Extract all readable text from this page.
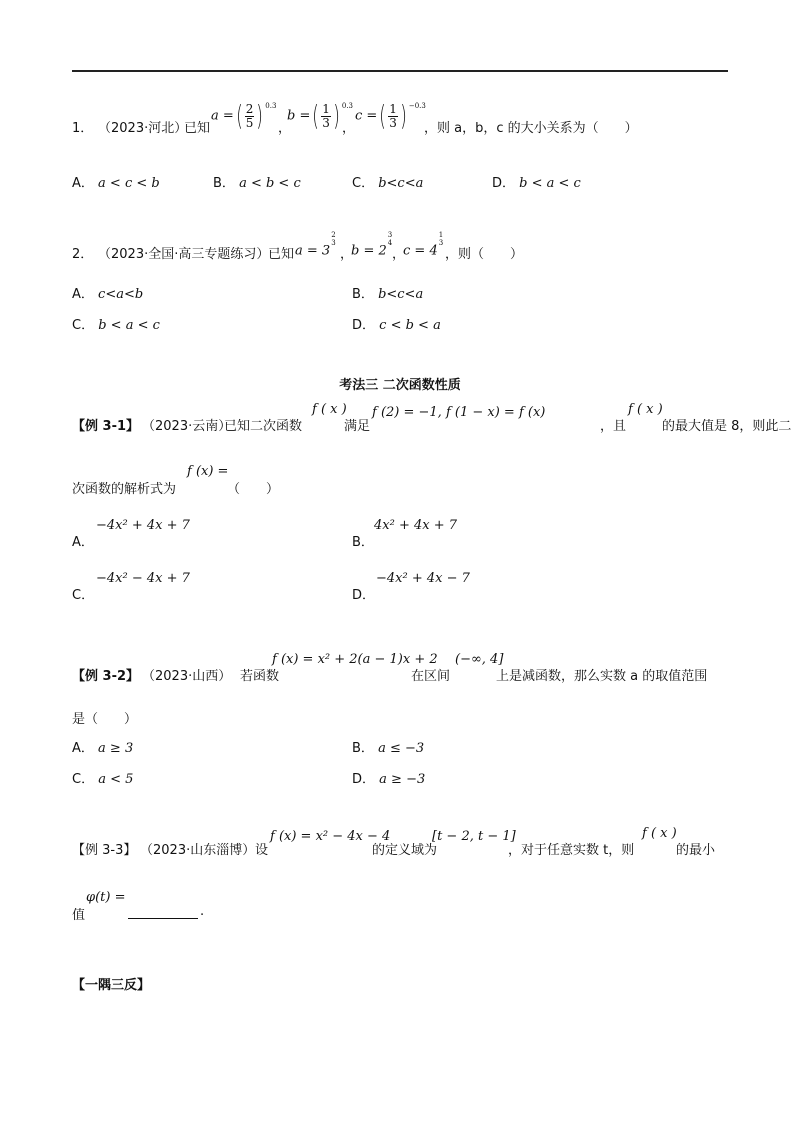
1． （2023·河北）
已知
a =( $\frac{2}{5}$ ) $^{0.3}$
，
b =( $\frac{1}{3}$ ) $^{0.3}$
，
c =( $\frac{1}{3}$ ) $^{-0.3}$
，则 a，b，c 的大小关系为（　　）
A． a < c < b	B． a < b < c	C． b<c<a	D． b < a < c
2． （2023·全国·高三专题练习）
已知 a = 3
2
3
，
b = 2
3
4
，
c = 4
1
3
，则（　　）
A． c<a<b	B． b<c<a
C． b < a < c	D． c < b < a
考法三 二次函数性质
【例 3-1】 （2023·云南）
已知二次函数
f ( x )
满足
f (2) = −1, f (1 − x) = f (x)
，且
f ( x )
的最大值是 8，则此二
次函数的解析式为
f (x) =
（　　）
A．
−4x² + 4x + 7
B．
4x² + 4x + 7
C．
−4x² − 4x + 7
D．
−4x² + 4x − 7
【例 3-2】 （2023·山西） 若函数
f (x) = x² + 2(a − 1)x + 2
在区间
(−∞, 4]
上是减函数，那么实数 a 的取值范围
是（　　）
A． a ≥ 3	B． a ≤ −3
C． a < 5	D． a ≥ −3
【例 3-3】 （2023·山东淄博） 设
f (x) = x² − 4x − 4
的定义域为
[t − 2, t − 1]
，对于任意实数 t，则
f ( x )
的最小
值
φ(t) =
.
【一隅三反】
